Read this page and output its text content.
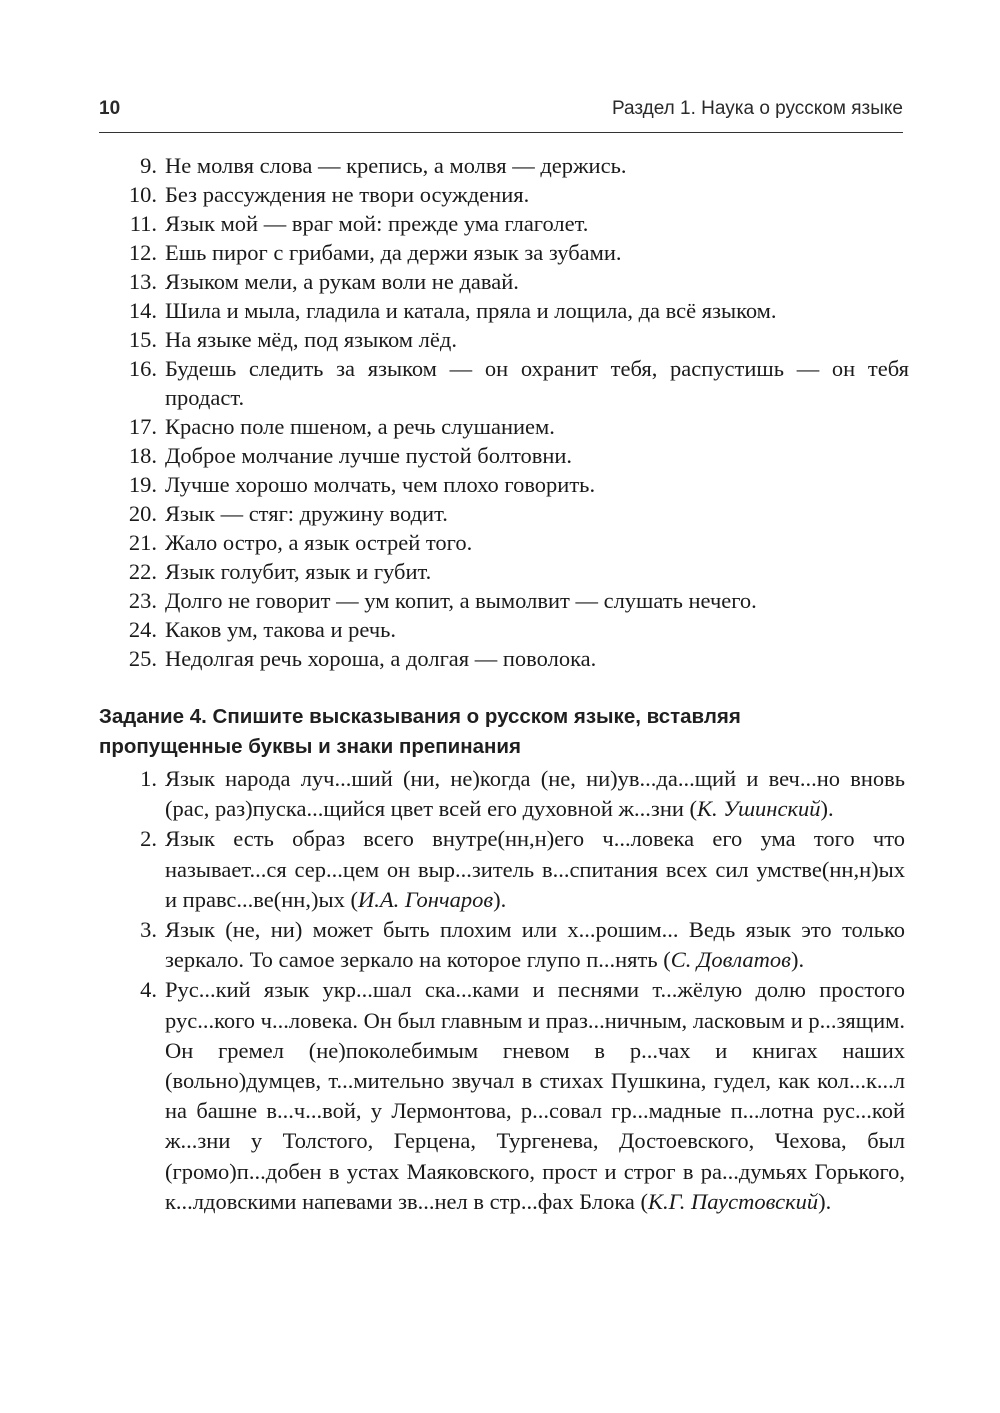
10	Раздел 1. Наука о русском языке
9. Не молвя слова — крепись, а молвя — держись.
10. Без рассуждения не твори осуждения.
11. Язык мой — враг мой: прежде ума глаголет.
12. Ешь пирог с грибами, да держи язык за зубами.
13. Языком мели, а рукам воли не давай.
14. Шила и мыла, гладила и катала, пряла и лощила, да всё языком.
15. На языке мёд, под языком лёд.
16. Будешь следить за языком — он охранит тебя, распустишь — он тебя продаст.
17. Красно поле пшеном, а речь слушанием.
18. Доброе молчание лучше пустой болтовни.
19. Лучше хорошо молчать, чем плохо говорить.
20. Язык — стяг: дружину водит.
21. Жало остро, а язык острей того.
22. Язык голубит, язык и губит.
23. Долго не говорит — ум копит, а вымолвит — слушать нечего.
24. Каков ум, такова и речь.
25. Недолгая речь хороша, а долгая — поволока.
Задание 4. Спишите высказывания о русском языке, вставляя пропущенные буквы и знаки препинания
1. Язык народа луч...ший (ни, не)когда (не, ни)ув...да...щий и веч...но вновь (рас, раз)пуска...щийся цвет всей его духовной ж...зни (К. Ушинский).
2. Язык есть образ всего внутре(нн,н)его ч...ловека его ума того что называет...ся сер...цем он выр...зитель в...спитания всех сил умстве(нн,н)ых и правс...ве(нн,)ых (И.А. Гончаров).
3. Язык (не, ни) может быть плохим или х...рошим... Ведь язык это только зеркало. То самое зеркало на которое глупо п...нять (С. Довлатов).
4. Рус...кий язык укр...шал ска...ками и песнями т...жёлую долю простого рус...кого ч...ловека. Он был главным и праз...ничным, ласковым и р...зящим. Он гремел (не)поколебимым гневом в р...чах и книгах наших (вольно)думцев, т...мительно звучал в стихах Пушкина, гудел, как кол...к...л на башне в...ч...вой, у Лермонтова, р...совал гр...мадные п...лотна рус...кой ж...зни у Толстого, Герцена, Тургенева, Достоевского, Чехова, был (громо)п...добен в устах Маяковского, прост и строг в ра...думьях Горького, к...лдовскими напевами зв...нел в стр...фах Блока (К.Г. Паустовский).
